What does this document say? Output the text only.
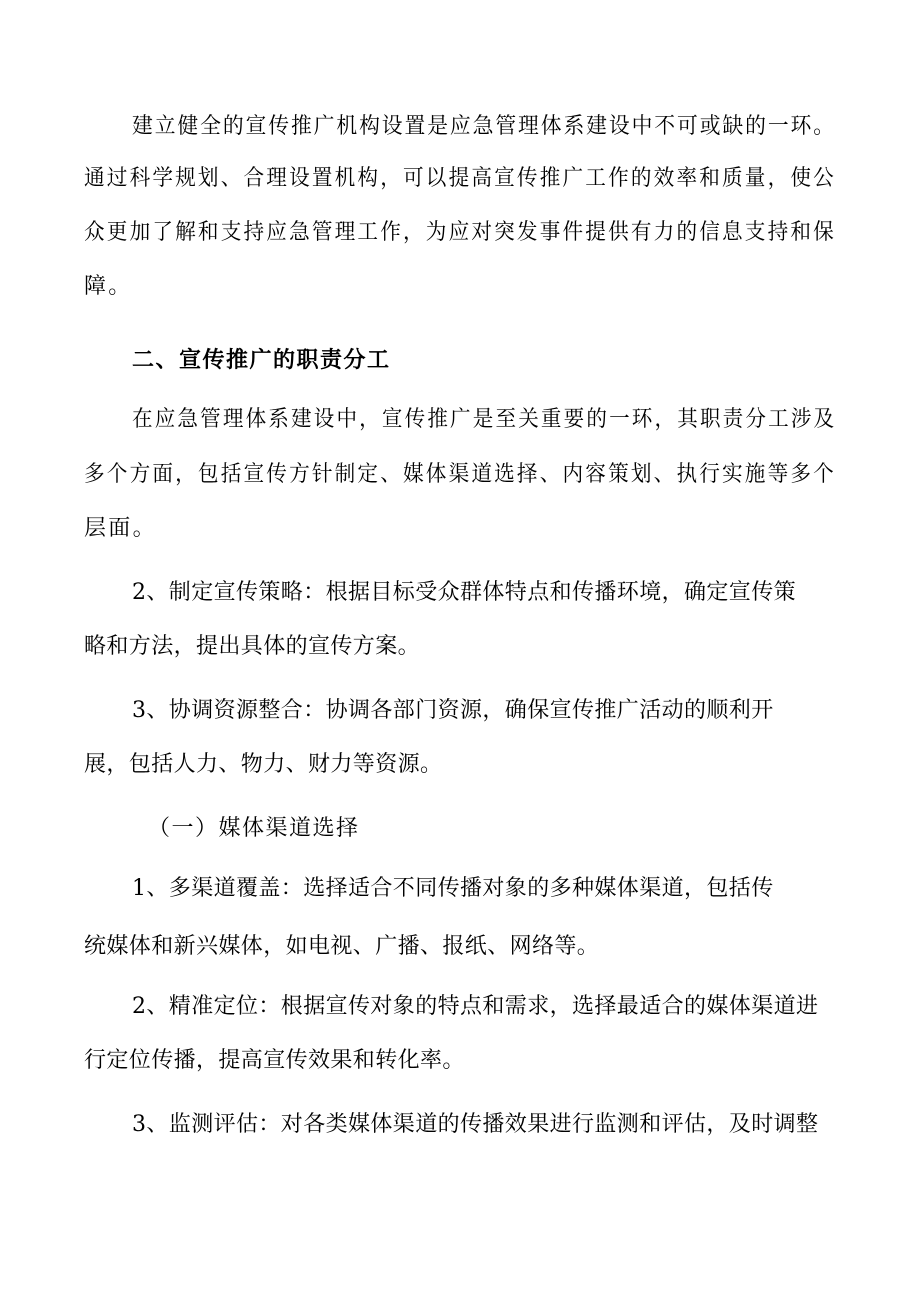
建立健全的宣传推广机构设置是应急管理体系建设中不可或缺的一环。
通过科学规划、合理设置机构，可以提高宣传推广工作的效率和质量，使公
众更加了解和支持应急管理工作，为应对突发事件提供有力的信息支持和保
障。
二、宣传推广的职责分工
在应急管理体系建设中，宣传推广是至关重要的一环，其职责分工涉及
多个方面，包括宣传方针制定、媒体渠道选择、内容策划、执行实施等多个
层面。
2、制定宣传策略：根据目标受众群体特点和传播环境，确定宣传策
略和方法，提出具体的宣传方案。
3、协调资源整合：协调各部门资源，确保宣传推广活动的顺利开
展，包括人力、物力、财力等资源。
（一）媒体渠道选择
1、多渠道覆盖：选择适合不同传播对象的多种媒体渠道，包括传
统媒体和新兴媒体，如电视、广播、报纸、网络等。
2、精准定位：根据宣传对象的特点和需求，选择最适合的媒体渠道进
行定位传播，提高宣传效果和转化率。
3、监测评估：对各类媒体渠道的传播效果进行监测和评估，及时调整
